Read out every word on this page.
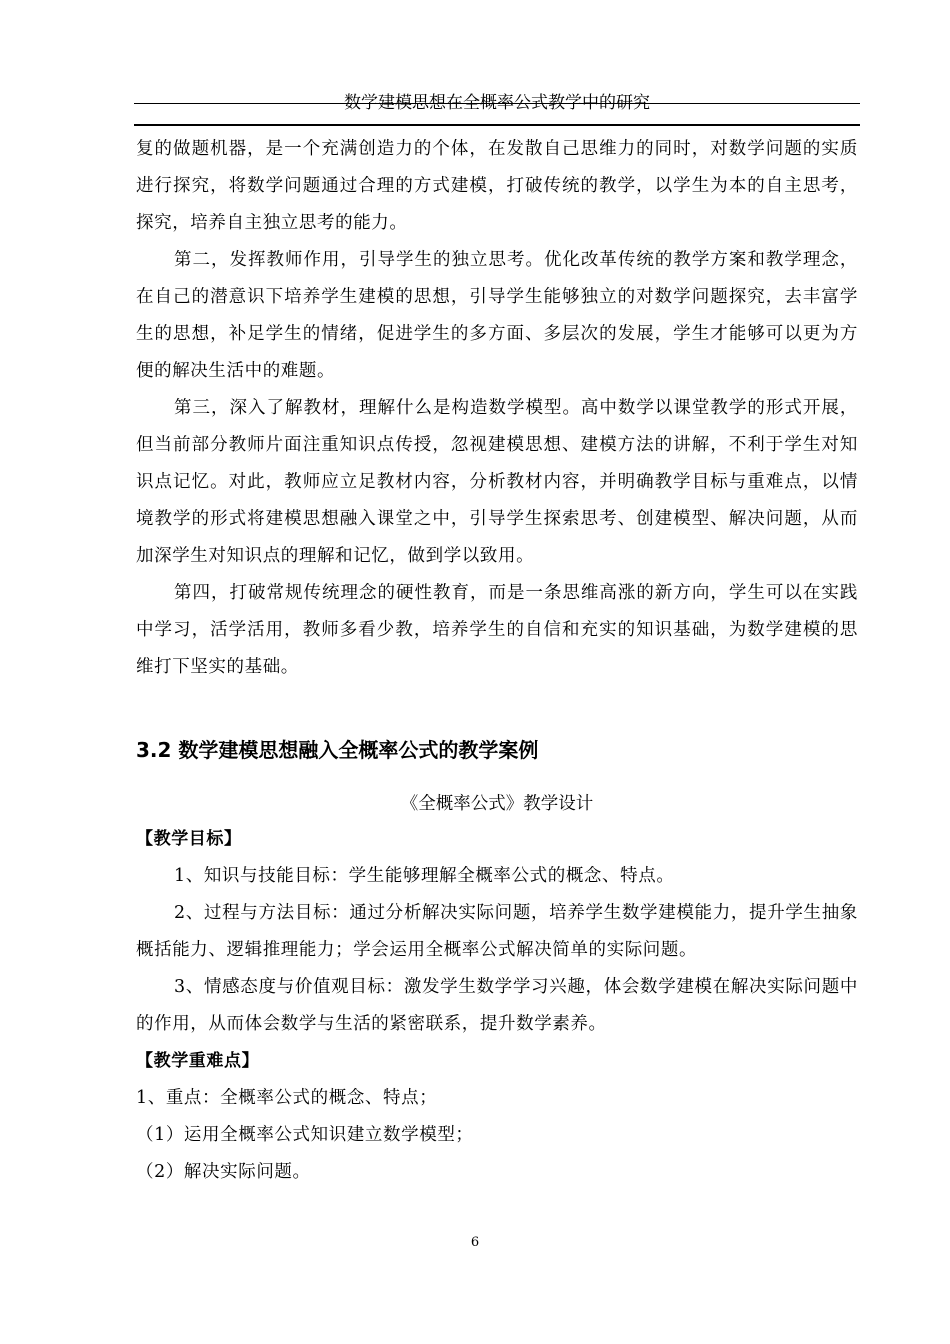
数学建模思想在全概率公式教学中的研究

复的做题机器，是一个充满创造力的个体，在发散自己思维力的同时，对数学问题的实质进行探究，将数学问题通过合理的方式建模，打破传统的教学，以学生为本的自主思考，探究，培养自主独立思考的能力。

第二，发挥教师作用，引导学生的独立思考。优化改革传统的教学方案和教学理念，在自己的潜意识下培养学生建模的思想，引导学生能够独立的对数学问题探究，去丰富学生的思想，补足学生的情绪，促进学生的多方面、多层次的发展，学生才能够可以更为方便的解决生活中的难题。

第三，深入了解教材，理解什么是构造数学模型。高中数学以课堂教学的形式开展，但当前部分教师片面注重知识点传授，忽视建模思想、建模方法的讲解，不利于学生对知识点记忆。对此，教师应立足教材内容，分析教材内容，并明确教学目标与重难点，以情境教学的形式将建模思想融入课堂之中，引导学生探索思考、创建模型、解决问题，从而加深学生对知识点的理解和记忆，做到学以致用。

第四，打破常规传统理念的硬性教育，而是一条思维高涨的新方向，学生可以在实践中学习，活学活用，教师多看少教，培养学生的自信和充实的知识基础，为数学建模的思维打下坚实的基础。

3.2 数学建模思想融入全概率公式的教学案例
《全概率公式》教学设计

【教学目标】

1、知识与技能目标：学生能够理解全概率公式的概念、特点。

2、过程与方法目标：通过分析解决实际问题，培养学生数学建模能力，提升学生抽象概括能力、逻辑推理能力；学会运用全概率公式解决简单的实际问题。

3、情感态度与价值观目标：激发学生数学学习兴趣，体会数学建模在解决实际问题中的作用，从而体会数学与生活的紧密联系，提升数学素养。

【教学重难点】

1、重点：全概率公式的概念、特点；

（1）运用全概率公式知识建立数学模型；

（2）解决实际问题。

6
